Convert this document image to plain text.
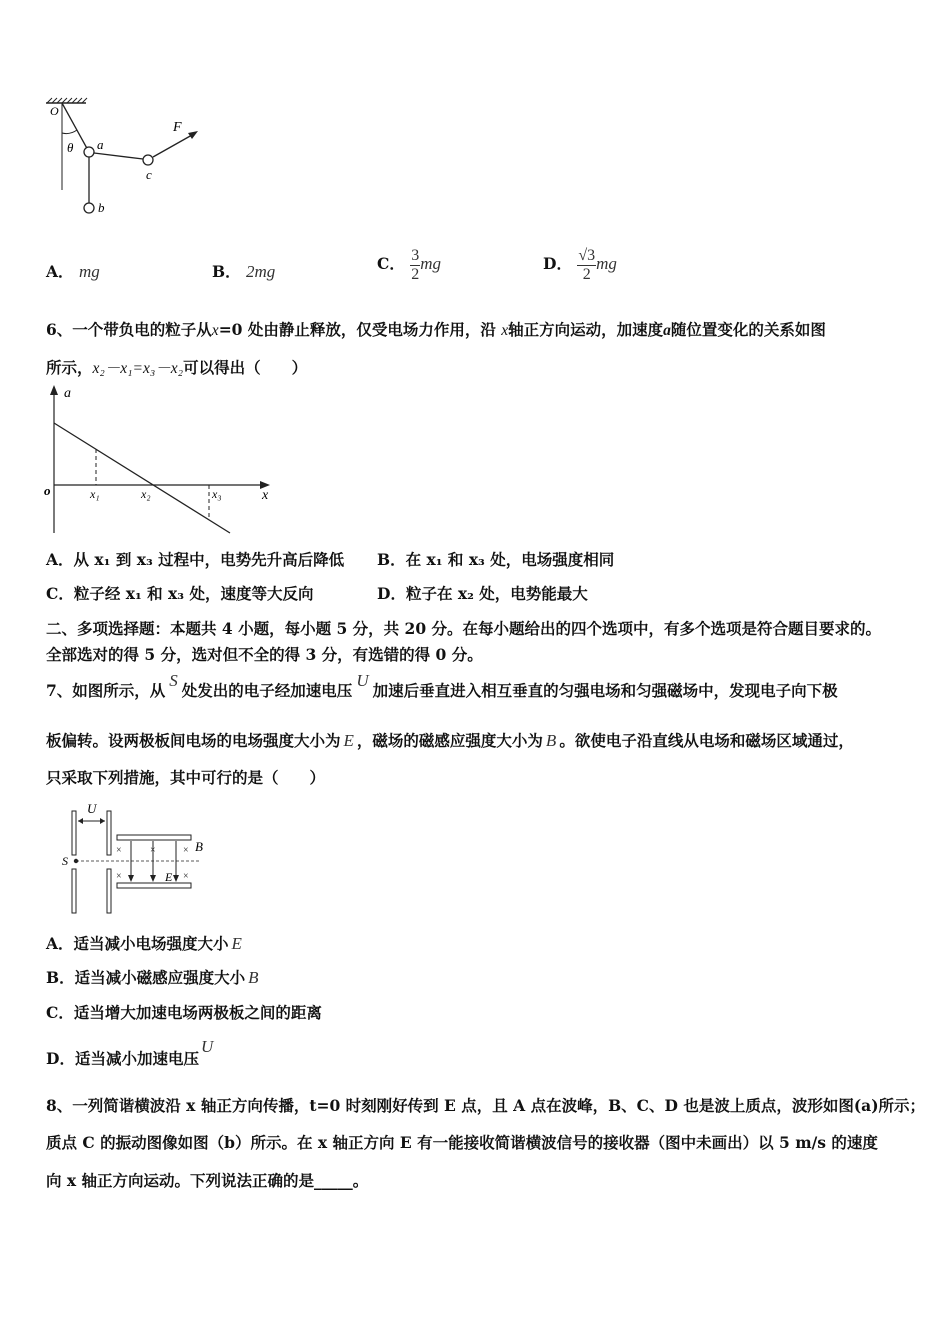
O
θ a
b
c
F
A． mg	B． 2mg	C． $\frac{3}{2}$ mg	D． $\frac{√3}{2}$ mg
6、一个带负电的粒子从x=0 处由静止释放，仅受电场力作用，沿 x轴正方向运动，加速度a随位置变化的关系如图
所示，x₂－x₁=x₃－x₂可以得出（　　）
a
o	x₁	x₂	x₃	x
A．从 x₁ 到 x₃ 过程中，电势先升高后降低 B．在 x₁ 和 x₃ 处，电场强度相同
C．粒子经 x₁ 和 x₃ 处，速度等大反向	D．粒子在 x₂ 处，电势能最大
二、多项选择题：本题共 4 小题，每小题 5 分，共 20 分。在每小题给出的四个选项中，有多个选项是符合题目要求的。
全部选对的得 5 分，选对但不全的得 3 分，有选错的得 0 分。
7、如图所示，从S处发出的电子经加速电压U加速后垂直进入相互垂直的匀强电场和匀强磁场中，发现电子向下极
板偏转。设两极板间电场的电场强度大小为 E ，磁场的磁感应强度大小为 B 。欲使电子沿直线从电场和磁场区域通过，
只采取下列措施，其中可行的是（　　）
×	×	×
×	×
U
S
B
E
A．适当减小电场强度大小 E
B．适当减小磁感应强度大小 B
C．适当增大加速电场两极板之间的距离
D．适当减小加速电压U
8、一列简谐横波沿 x 轴正方向传播，t=0 时刻刚好传到 E 点，且 A 点在波峰，B、C、D 也是波上质点，波形如图(a)所示；
质点 C 的振动图像如图（b）所示。在 x 轴正方向 E 有一能接收简谐横波信号的接收器（图中未画出）以 5 m/s 的速度
向 x 轴正方向运动。下列说法正确的是_____。
